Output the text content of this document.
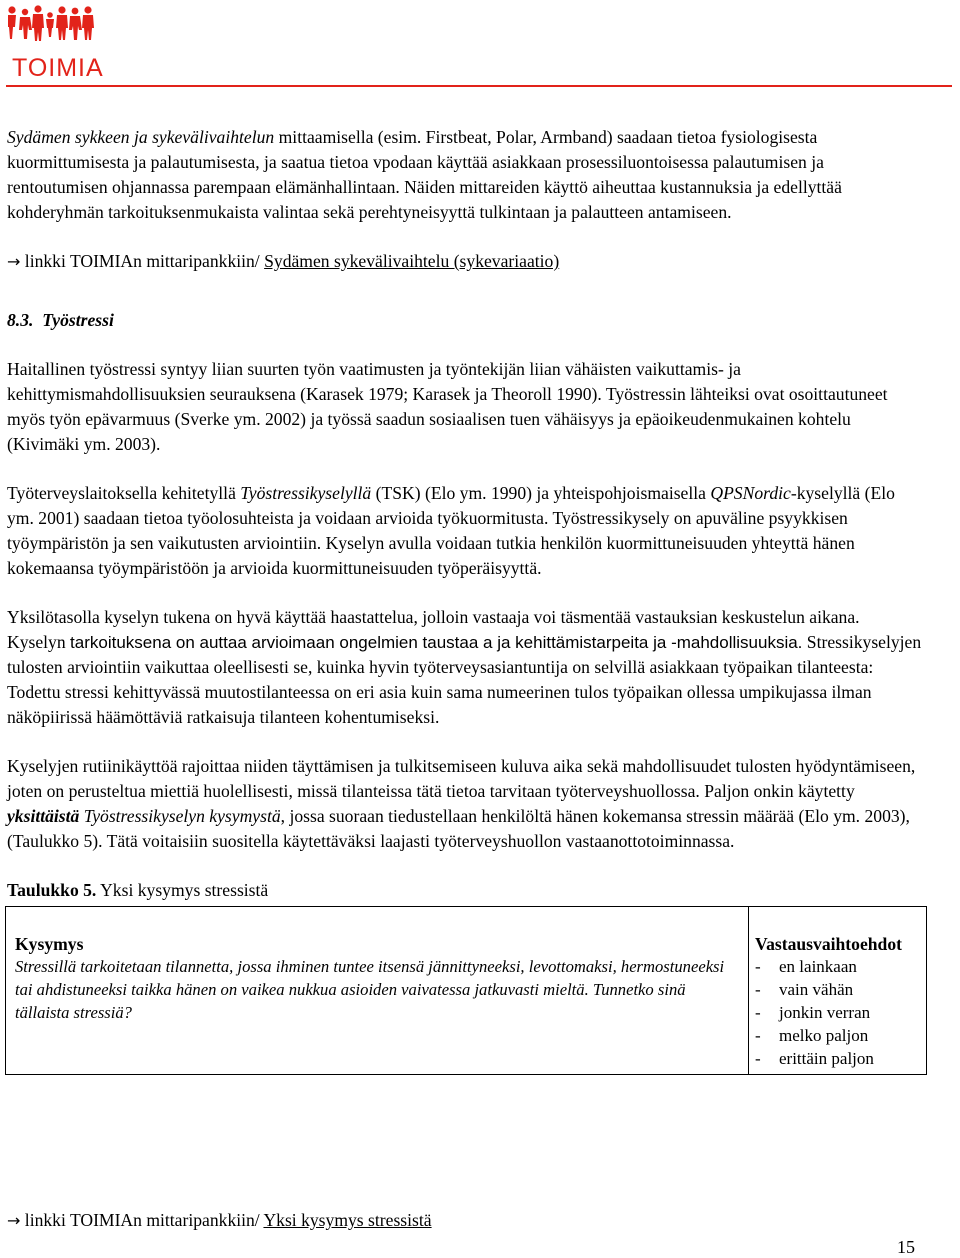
TOIMIA

Sydämen sykkeen ja sykevälivaihtelun mittaamisella (esim. Firstbeat, Polar, Armband) saadaan tietoa fysiologisesta kuormittumisesta ja palautumisesta, ja saatua tietoa vpodaan käyttää asiakkaan prosessiluontoisessa palautumisen ja rentoutumisen ohjannassa parempaan elämänhallintaan. Näiden mittareiden käyttö aiheuttaa kustannuksia ja edellyttää kohderyhmän tarkoituksenmukaista valintaa sekä perehtyneisyyttä tulkintaan ja palautteen antamiseen.

→ linkki TOIMIAn mittaripankkiin/ Sydämen sykevälivaihtelu (sykevariaatio)

8.3. Työstressi

Haitallinen työstressi syntyy liian suurten työn vaatimusten ja työntekijän liian vähäisten vaikuttamis- ja kehittymismahdollisuuksien seurauksena (Karasek 1979; Karasek ja Theoroll 1990). Työstressin lähteiksi ovat osoittautuneet myös työn epävarmuus (Sverke ym. 2002) ja työssä saadun sosiaalisen tuen vähäisyys ja epäoikeudenmukainen kohtelu (Kivimäki ym. 2003).

Työterveyslaitoksella kehitetyllä Työstressikyselyllä (TSK) (Elo ym. 1990) ja yhteispohjoismaisella QPSNordic-kyselyllä (Elo ym. 2001) saadaan tietoa työolosuhteista ja voidaan arvioida työkuormitusta. Työstressikysely on apuväline psyykkisen työympäristön ja sen vaikutusten arviointiin. Kyselyn avulla voidaan tutkia henkilön kuormittuneisuuden yhteyttä hänen kokemaansa työympäristöön ja arvioida kuormittuneisuuden työperäisyyttä.

Yksilötasolla kyselyn tukena on hyvä käyttää haastattelua, jolloin vastaaja voi täsmentää vastauksian keskustelun aikana. Kyselyn tarkoituksena on auttaa arvioimaan ongelmien taustaa a ja kehittämistarpeita ja -mahdollisuuksia. Stressikyselyjen tulosten arviointiin vaikuttaa oleellisesti se, kuinka hyvin työterveysasiantuntija on selvillä asiakkaan työpaikan tilanteesta: Todettu stressi kehittyvässä muutostilanteessa on eri asia kuin sama numeerinen tulos työpaikan ollessa umpikujassa ilman näköpiirissä häämöttäviä ratkaisuja tilanteen kohentumiseksi.

Kyselyjen rutiinikäyttöä rajoittaa niiden täyttämisen ja tulkitsemiseen kuluva aika sekä mahdollisuudet tulosten hyödyntämiseen, joten on perusteltua miettiä huolellisesti, missä tilanteissa tätä tietoa tarvitaan työterveyshuollossa. Paljon onkin käytetty yksittäistä Työstressikyselyn kysymystä, jossa suoraan tiedustellaan henkilöltä hänen kokemansa stressin määrää (Elo ym. 2003), (Taulukko 5). Tätä voitaisiin suositella käytettäväksi laajasti työterveyshuollon vastaanottotoiminnassa.

Taulukko 5. Yksi kysymys stressistä

Kysymys
Stressillä tarkoitetaan tilannetta, jossa ihminen tuntee itsensä jännittyneeksi, levottomaksi, hermostuneeksi tai ahdistuneeksi taikka hänen on vaikea nukkua asioiden vaivatessa jatkuvasti mieltä. Tunnetko sinä tällaista stressiä?

Vastausvaihtoehdot
- en lainkaan
- vain vähän
- jonkin verran
- melko paljon
- erittäin paljon

→ linkki TOIMIAn mittaripankkiin/ Yksi kysymys stressistä

15
